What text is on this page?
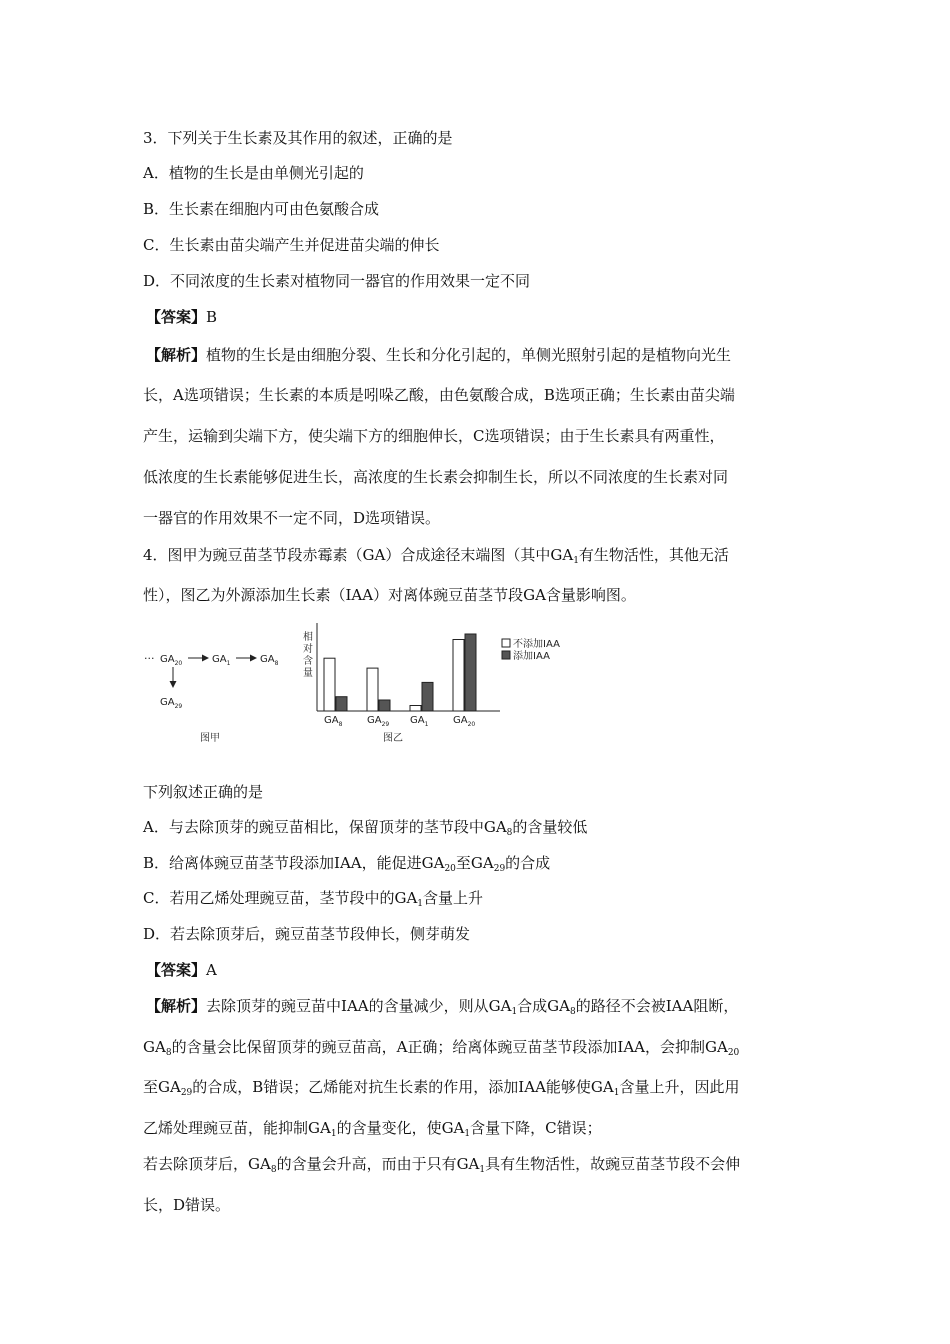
3．下列关于生长素及其作用的叙述，正确的是
A．植物的生长是由单侧光引起的
B．生长素在细胞内可由色氨酸合成
C．生长素由苗尖端产生并促进苗尖端的伸长
D．不同浓度的生长素对植物同一器官的作用效果一定不同
【答案】B
【解析】植物的生长是由细胞分裂、生长和分化引起的，单侧光照射引起的是植物向光生
长，A选项错误；生长素的本质是吲哚乙酸，由色氨酸合成，B选项正确；生长素由苗尖端
产生，运输到尖端下方，使尖端下方的细胞伸长，C选项错误；由于生长素具有两重性，
低浓度的生长素能够促进生长，高浓度的生长素会抑制生长，所以不同浓度的生长素对同
一器官的作用效果不一定不同，D选项错误。
4．图甲为豌豆苗茎节段赤霉素（GA）合成途径末端图（其中$GA_1$有生物活性，其他无活
性），图乙为外源添加生长素（IAA）对离体豌豆苗茎节段GA含量影响图。
··· $GA_{20}$	$GA_1$	$GA_8$
$GA_{29}$
图甲
相对含量
$GA_8$ $GA_{29}$ $GA_1$ $GA_{20}$
不添加IAA
添加IAA
图乙
下列叙述正确的是
A．与去除顶芽的豌豆苗相比，保留顶芽的茎节段中$GA_8$的含量较低
B．给离体豌豆苗茎节段添加IAA，能促进$GA_{20}$至$GA_{29}$的合成
C．若用乙烯处理豌豆苗，茎节段中的$GA_1$含量上升
D．若去除顶芽后，豌豆苗茎节段伸长，侧芽萌发
【答案】A
【解析】去除顶芽的豌豆苗中IAA的含量减少，则从$GA_1$合成$GA_8$的路径不会被IAA阻断，
$GA_8$的含量会比保留顶芽的豌豆苗高，A正确；给离体豌豆苗茎节段添加IAA，会抑制$GA_{20}$
至$GA_{29}$的合成，B错误；乙烯能对抗生长素的作用，添加IAA能够使$GA_1$含量上升，因此用
乙烯处理豌豆苗，能抑制$GA_1$的含量变化，使$GA_1$含量下降，C错误；
若去除顶芽后，$GA_8$的含量会升高，而由于只有$GA_1$具有生物活性，故豌豆苗茎节段不会伸
长，D错误。
